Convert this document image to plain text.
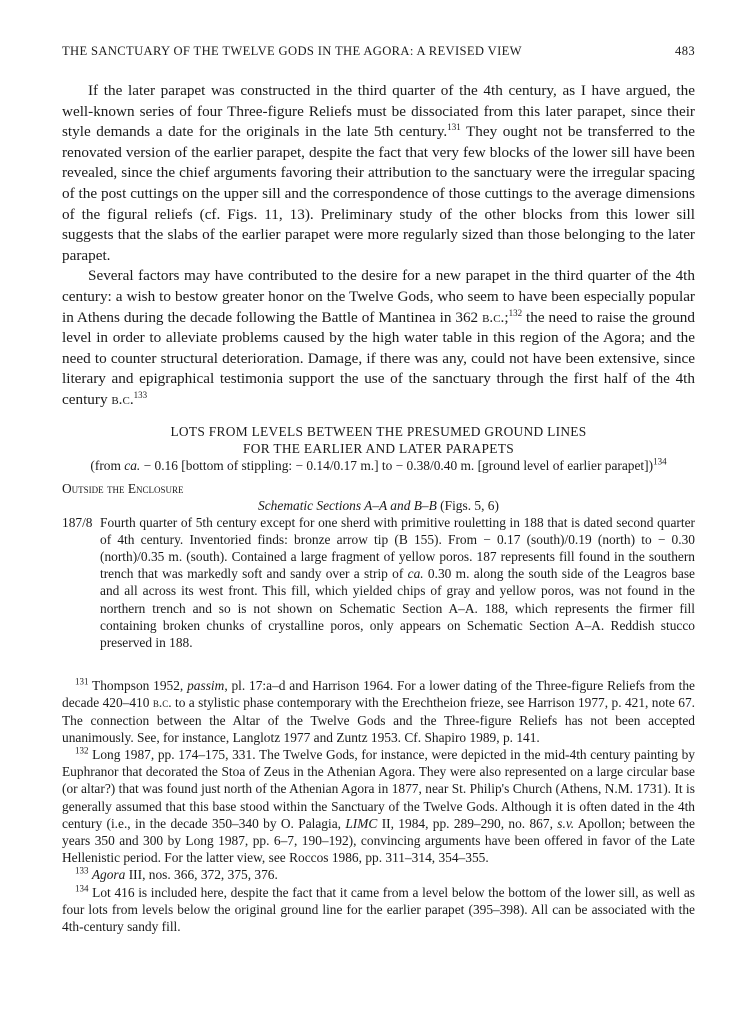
THE SANCTUARY OF THE TWELVE GODS IN THE AGORA: A REVISED VIEW	483

If the later parapet was constructed in the third quarter of the 4th century, as I have argued, the well-known series of four Three-figure Reliefs must be dissociated from this later parapet, since their style demands a date for the originals in the late 5th century.$^{131}$ They ought not be transferred to the renovated version of the earlier parapet, despite the fact that very few blocks of the lower sill have been revealed, since the chief arguments favoring their attribution to the sanctuary were the irregular spacing of the post cuttings on the upper sill and the correspondence of those cuttings to the average dimensions of the figural reliefs (cf. Figs. 11, 13). Preliminary study of the other blocks from this lower sill suggests that the slabs of the earlier parapet were more regularly sized than those belonging to the later parapet.

Several factors may have contributed to the desire for a new parapet in the third quarter of the 4th century: a wish to bestow greater honor on the Twelve Gods, who seem to have been especially popular in Athens during the decade following the Battle of Mantinea in 362 b.c.;$^{132}$ the need to raise the ground level in order to alleviate problems caused by the high water table in this region of the Agora; and the need to counter structural deterioration. Damage, if there was any, could not have been extensive, since literary and epigraphical testimonia support the use of the sanctuary through the first half of the 4th century b.c.$^{133}$

LOTS FROM LEVELS BETWEEN THE PRESUMED GROUND LINES
FOR THE EARLIER AND LATER PARAPETS
(from ca. − 0.16 [bottom of stippling: − 0.14/0.17 m.] to − 0.38/0.40 m. [ground level of earlier parapet])$^{134}$
Outside the Enclosure
Schematic Sections A–A and B–B (Figs. 5, 6)
187/8 Fourth quarter of 5th century except for one sherd with primitive rouletting in 188 that is dated second quarter of 4th century. Inventoried finds: bronze arrow tip (B 155). From − 0.17 (south)/0.19 (north) to − 0.30 (north)/0.35 m. (south). Contained a large fragment of yellow poros. 187 represents fill found in the southern trench that was markedly soft and sandy over a strip of ca. 0.30 m. along the south side of the Leagros base and all across its west front. This fill, which yielded chips of gray and yellow poros, was not found in the northern trench and so is not shown on Schematic Section A–A. 188, which represents the firmer fill containing broken chunks of crystalline poros, only appears on Schematic Section A–A. Reddish stucco preserved in 188.

$^{131}$ Thompson 1952, passim, pl. 17:a–d and Harrison 1964. For a lower dating of the Three-figure Reliefs from the decade 420–410 b.c. to a stylistic phase contemporary with the Erechtheion frieze, see Harrison 1977, p. 421, note 67. The connection between the Altar of the Twelve Gods and the Three-figure Reliefs has not been accepted unanimously. See, for instance, Langlotz 1977 and Zuntz 1953. Cf. Shapiro 1989, p. 141.

$^{132}$ Long 1987, pp. 174–175, 331. The Twelve Gods, for instance, were depicted in the mid-4th century painting by Euphranor that decorated the Stoa of Zeus in the Athenian Agora. They were also represented on a large circular base (or altar?) that was found just north of the Athenian Agora in 1877, near St. Philip's Church (Athens, N.M. 1731). It is generally assumed that this base stood within the Sanctuary of the Twelve Gods. Although it is often dated in the 4th century (i.e., in the decade 350–340 by O. Palagia, LIMC II, 1984, pp. 289–290, no. 867, s.v. Apollon; between the years 350 and 300 by Long 1987, pp. 6–7, 190–192), convincing arguments have been offered in favor of the Late Hellenistic period. For the latter view, see Roccos 1986, pp. 311–314, 354–355.

$^{133}$ Agora III, nos. 366, 372, 375, 376.

$^{134}$ Lot 416 is included here, despite the fact that it came from a level below the bottom of the lower sill, as well as four lots from levels below the original ground line for the earlier parapet (395–398). All can be associated with the 4th-century sandy fill.
